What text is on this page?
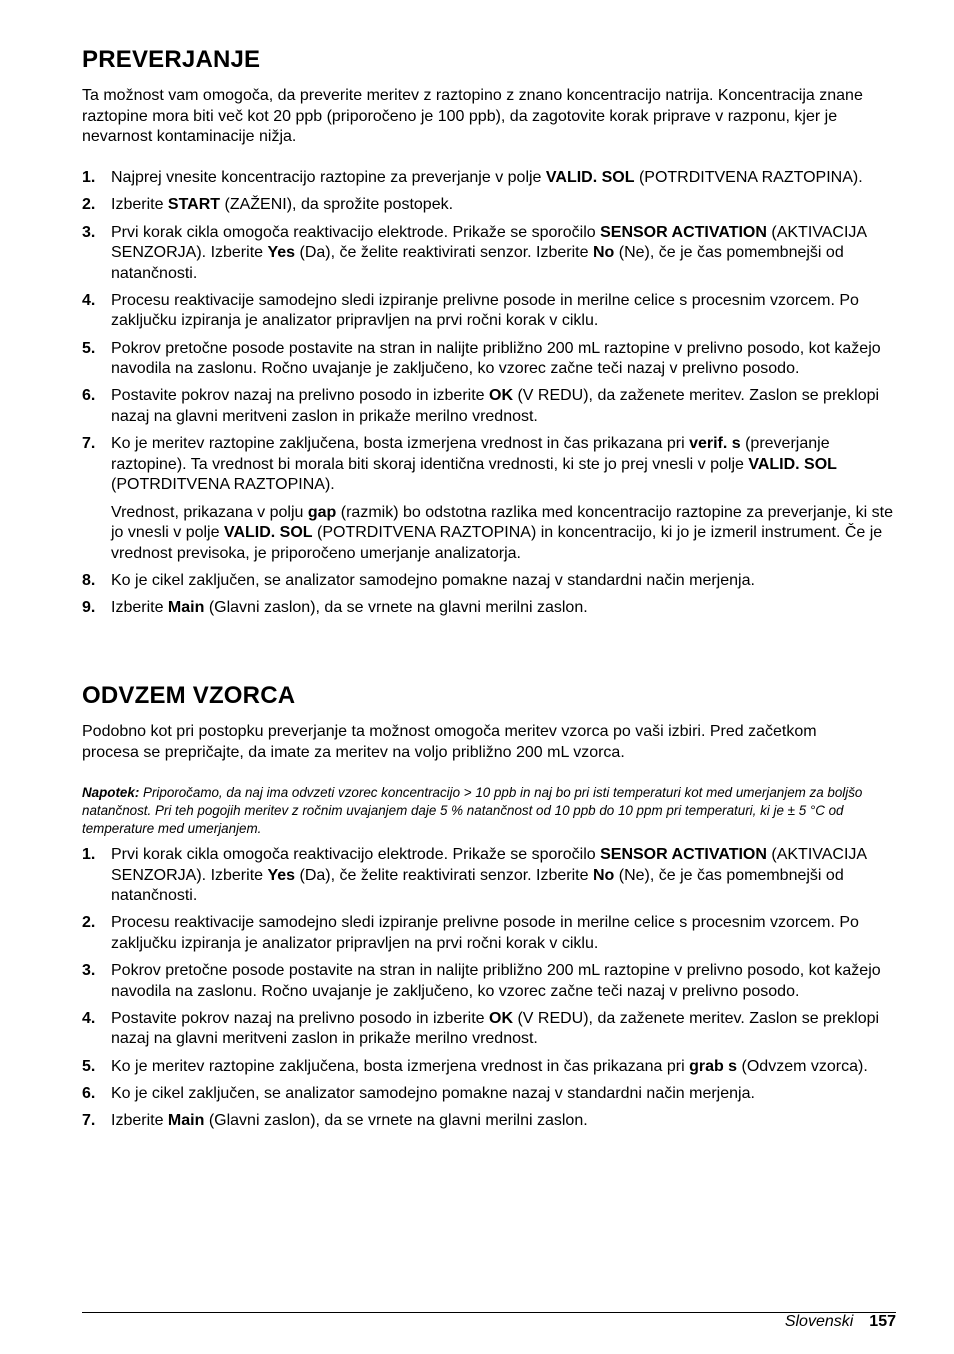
PREVERJANJE

Ta možnost vam omogoča, da preverite meritev z raztopino z znano koncentracijo natrija. Koncentracija znane raztopine mora biti več kot 20 ppb (priporočeno je 100 ppb), da zagotovite korak priprave v razponu, kjer je nevarnost kontaminacije nižja.

1. Najprej vnesite koncentracijo raztopine za preverjanje v polje VALID. SOL (POTRDITVENA RAZTOPINA).
2. Izberite START (ZAŽENI), da sprožite postopek.
3. Prvi korak cikla omogoča reaktivacijo elektrode. Prikaže se sporočilo SENSOR ACTIVATION (AKTIVACIJA SENZORJA). Izberite Yes (Da), če želite reaktivirati senzor. Izberite No (Ne), če je čas pomembnejši od natančnosti.
4. Procesu reaktivacije samodejno sledi izpiranje prelivne posode in merilne celice s procesnim vzorcem. Po zaključku izpiranja je analizator pripravljen na prvi ročni korak v ciklu.
5. Pokrov pretočne posode postavite na stran in nalijte približno 200 mL raztopine v prelivno posodo, kot kažejo navodila na zaslonu. Ročno uvajanje je zaključeno, ko vzorec začne teči nazaj v prelivno posodo.
6. Postavite pokrov nazaj na prelivno posodo in izberite OK (V REDU), da zaženete meritev. Zaslon se preklopi nazaj na glavni meritveni zaslon in prikaže merilno vrednost.
7. Ko je meritev raztopine zaključena, bosta izmerjena vrednost in čas prikazana pri verif. s (preverjanje raztopine). Ta vrednost bi morala biti skoraj identična vrednosti, ki ste jo prej vnesli v polje VALID. SOL (POTRDITVENA RAZTOPINA).
Vrednost, prikazana v polju gap (razmik) bo odstotna razlika med koncentracijo raztopine za preverjanje, ki ste jo vnesli v polje VALID. SOL (POTRDITVENA RAZTOPINA) in koncentracijo, ki jo je izmeril instrument. Če je vrednost previsoka, je priporočeno umerjanje analizatorja.
8. Ko je cikel zaključen, se analizator samodejno pomakne nazaj v standardni način merjenja.
9. Izberite Main (Glavni zaslon), da se vrnete na glavni merilni zaslon.
ODVZEM VZORCA

Podobno kot pri postopku preverjanje ta možnost omogoča meritev vzorca po vaši izbiri. Pred začetkom procesa se prepričajte, da imate za meritev na voljo približno 200 mL vzorca.

Napotek: Priporočamo, da naj ima odvzeti vzorec koncentracijo > 10 ppb in naj bo pri isti temperaturi kot med umerjanjem za boljšo natančnost. Pri teh pogojih meritev z ročnim uvajanjem daje 5 % natančnost od 10 ppb do 10 ppm pri temperaturi, ki je ± 5 °C od temperature med umerjanjem.

1. Prvi korak cikla omogoča reaktivacijo elektrode. Prikaže se sporočilo SENSOR ACTIVATION (AKTIVACIJA SENZORJA). Izberite Yes (Da), če želite reaktivirati senzor. Izberite No (Ne), če je čas pomembnejši od natančnosti.
2. Procesu reaktivacije samodejno sledi izpiranje prelivne posode in merilne celice s procesnim vzorcem. Po zaključku izpiranja je analizator pripravljen na prvi ročni korak v ciklu.
3. Pokrov pretočne posode postavite na stran in nalijte približno 200 mL raztopine v prelivno posodo, kot kažejo navodila na zaslonu. Ročno uvajanje je zaključeno, ko vzorec začne teči nazaj v prelivno posodo.
4. Postavite pokrov nazaj na prelivno posodo in izberite OK (V REDU), da zaženete meritev. Zaslon se preklopi nazaj na glavni meritveni zaslon in prikaže merilno vrednost.
5. Ko je meritev raztopine zaključena, bosta izmerjena vrednost in čas prikazana pri grab s (Odvzem vzorca).
6. Ko je cikel zaključen, se analizator samodejno pomakne nazaj v standardni način merjenja.
7. Izberite Main (Glavni zaslon), da se vrnete na glavni merilni zaslon.
Slovenski 157
